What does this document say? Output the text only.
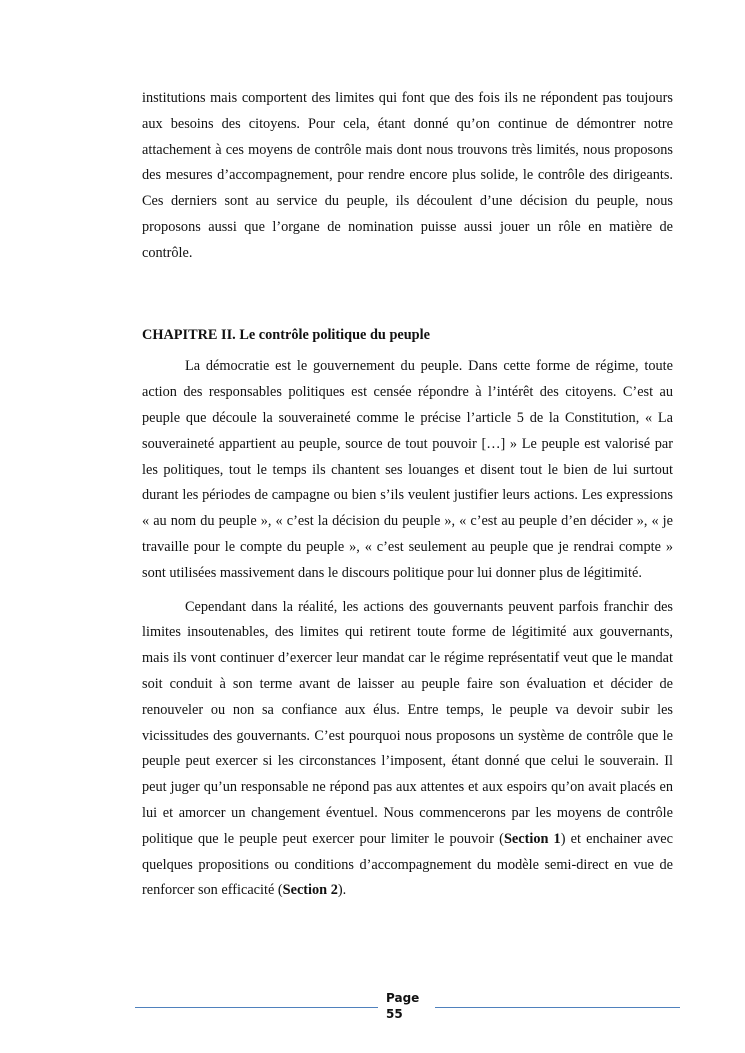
institutions mais comportent des limites qui font que des fois ils ne répondent pas toujours aux besoins des citoyens. Pour cela, étant donné qu’on continue de démontrer notre attachement à ces moyens de contrôle mais dont nous trouvons très limités, nous proposons des mesures d’accompagnement, pour rendre encore plus solide, le contrôle des dirigeants. Ces derniers sont au service du peuple, ils découlent d’une décision du peuple, nous proposons aussi que l’organe de nomination puisse aussi jouer un rôle en matière de contrôle.

CHAPITRE II. Le contrôle politique du peuple

La démocratie est le gouvernement du peuple. Dans cette forme de régime, toute action des responsables politiques est censée répondre à l’intérêt des citoyens. C’est au peuple que découle la souveraineté comme le précise l’article 5 de la Constitution, « La souveraineté appartient au peuple, source de tout pouvoir […] » Le peuple est valorisé par les politiques, tout le temps ils chantent ses louanges et disent tout le bien de lui surtout durant les périodes de campagne ou bien s’ils veulent justifier leurs actions. Les expressions « au nom du peuple », « c’est la décision du peuple », « c’est au peuple d’en décider », « je travaille pour le compte du peuple », « c’est seulement au peuple que je rendrai compte » sont utilisées massivement dans le discours politique pour lui donner plus de légitimité.

Cependant dans la réalité, les actions des gouvernants peuvent parfois franchir des limites insoutenables, des limites qui retirent toute forme de légitimité aux gouvernants, mais ils vont continuer d’exercer leur mandat car le régime représentatif veut que le mandat soit conduit à son terme avant de laisser au peuple faire son évaluation et décider de renouveler ou non sa confiance aux élus. Entre temps, le peuple va devoir subir les vicissitudes des gouvernants. C’est pourquoi nous proposons un système de contrôle que le peuple peut exercer si les circonstances l’imposent, étant donné que celui le souverain. Il peut juger qu’un responsable ne répond pas aux attentes et aux espoirs qu’on avait placés en lui et amorcer un changement éventuel. Nous commencerons par les moyens de contrôle politique que le peuple peut exercer pour limiter le pouvoir (Section 1) et enchainer avec quelques propositions ou conditions d’accompagnement du modèle semi-direct en vue de renforcer son efficacité (Section 2).

Page
55
